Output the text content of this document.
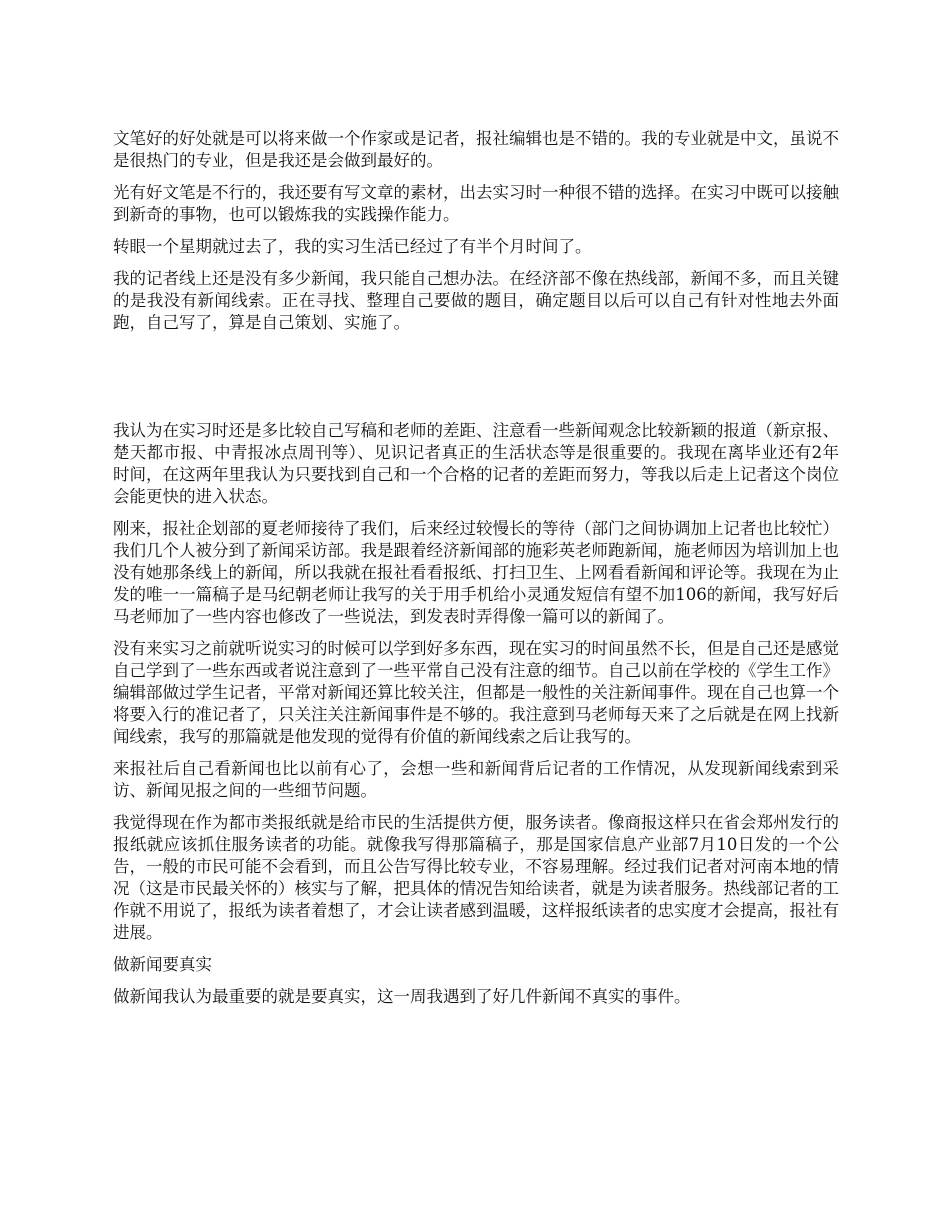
文笔好的好处就是可以将来做一个作家或是记者，报社编辑也是不错的。我的专业就是中文，虽说不是很热门的专业，但是我还是会做到最好的。

光有好文笔是不行的，我还要有写文章的素材，出去实习时一种很不错的选择。在实习中既可以接触到新奇的事物，也可以锻炼我的实践操作能力。

转眼一个星期就过去了，我的实习生活已经过了有半个月时间了。

我的记者线上还是没有多少新闻，我只能自己想办法。在经济部不像在热线部，新闻不多，而且关键的是我没有新闻线索。正在寻找、整理自己要做的题目，确定题目以后可以自己有针对性地去外面跑，自己写了，算是自己策划、实施了。

我认为在实习时还是多比较自己写稿和老师的差距、注意看一些新闻观念比较新颖的报道（新京报、楚天都市报、中青报冰点周刊等）、见识记者真正的生活状态等是很重要的。我现在离毕业还有2年时间，在这两年里我认为只要找到自己和一个合格的记者的差距而努力，等我以后走上记者这个岗位会能更快的进入状态。

刚来，报社企划部的夏老师接待了我们，后来经过较慢长的等待（部门之间协调加上记者也比较忙）我们几个人被分到了新闻采访部。我是跟着经济新闻部的施彩英老师跑新闻，施老师因为培训加上也没有她那条线上的新闻，所以我就在报社看看报纸、打扫卫生、上网看看新闻和评论等。我现在为止发的唯一一篇稿子是马纪朝老师让我写的关于用手机给小灵通发短信有望不加106的新闻，我写好后马老师加了一些内容也修改了一些说法，到发表时弄得像一篇可以的新闻了。

没有来实习之前就听说实习的时候可以学到好多东西，现在实习的时间虽然不长，但是自己还是感觉自己学到了一些东西或者说注意到了一些平常自己没有注意的细节。自己以前在学校的《学生工作》编辑部做过学生记者，平常对新闻还算比较关注，但都是一般性的关注新闻事件。现在自己也算一个将要入行的准记者了，只关注关注新闻事件是不够的。我注意到马老师每天来了之后就是在网上找新闻线索，我写的那篇就是他发现的觉得有价值的新闻线索之后让我写的。

来报社后自己看新闻也比以前有心了，会想一些和新闻背后记者的工作情况，从发现新闻线索到采访、新闻见报之间的一些细节问题。

我觉得现在作为都市类报纸就是给市民的生活提供方便，服务读者。像商报这样只在省会郑州发行的报纸就应该抓住服务读者的功能。就像我写得那篇稿子，那是国家信息产业部7月10日发的一个公告，一般的市民可能不会看到，而且公告写得比较专业，不容易理解。经过我们记者对河南本地的情况（这是市民最关怀的）核实与了解，把具体的情况告知给读者，就是为读者服务。热线部记者的工作就不用说了，报纸为读者着想了，才会让读者感到温暖，这样报纸读者的忠实度才会提高，报社有进展。

做新闻要真实

做新闻我认为最重要的就是要真实，这一周我遇到了好几件新闻不真实的事件。
